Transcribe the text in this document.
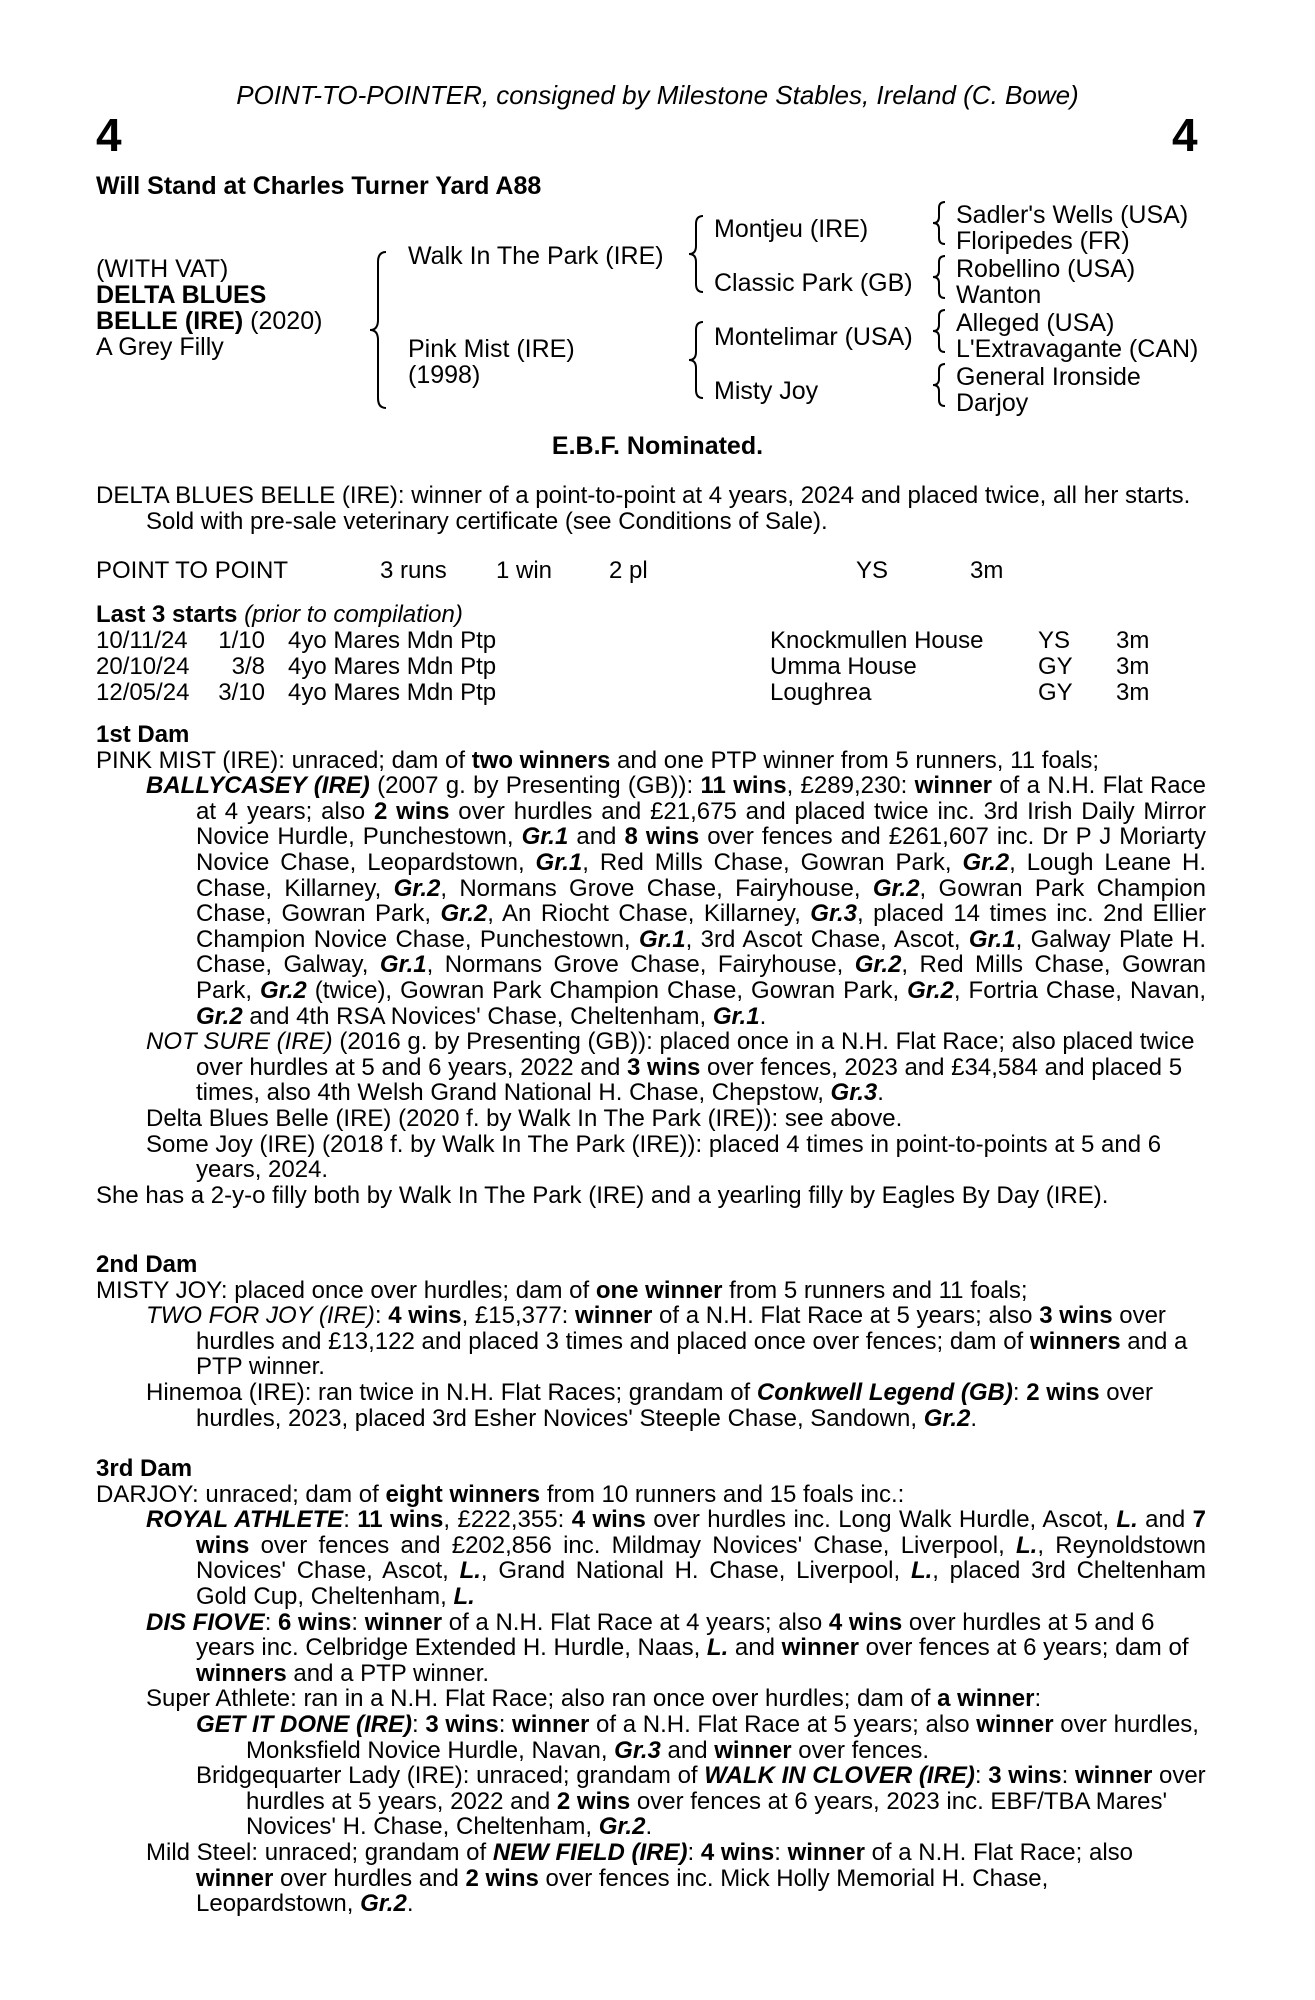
POINT-TO-POINTER, consigned by Milestone Stables, Ireland (C. Bowe)
4	4
Will Stand at Charles Turner Yard A88
(WITH VAT)
DELTA BLUES
BELLE (IRE) (2020)
A Grey Filly
Walk In The Park (IRE)
Pink Mist (IRE)
(1998)
Montjeu (IRE)
Classic Park (GB)
Montelimar (USA)
Misty Joy
Sadler's Wells (USA)
Floripedes (FR)
Robellino (USA)
Wanton
Alleged (USA)
L'Extravagante (CAN)
General Ironside
Darjoy
E.B.F. Nominated.

DELTA BLUES BELLE (IRE): winner of a point-to-point at 4 years, 2024 and placed twice, all her starts. Sold with pre-sale veterinary certificate (see Conditions of Sale).

POINT TO POINT	3 runs 1 win 2 pl	YS	3m
Last 3 starts (prior to compilation)
10/11/24	1/10 4yo Mares Mdn Ptp	Knockmullen House YS 3m
20/10/24	3/8 4yo Mares Mdn Ptp	Umma House	GY 3m
12/05/24	3/10 4yo Mares Mdn Ptp	Loughrea	GY 3m

1st Dam

PINK MIST (IRE): unraced; dam of two winners and one PTP winner from 5 runners, 11 foals;

BALLYCASEY (IRE) (2007 g. by Presenting (GB)): 11 wins, £289,230: winner of a N.H. Flat Race at 4 years; also 2 wins over hurdles and £21,675 and placed twice inc. 3rd Irish Daily Mirror Novice Hurdle, Punchestown, Gr.1 and 8 wins over fences and £261,607 inc. Dr P J Moriarty Novice Chase, Leopardstown, Gr.1, Red Mills Chase, Gowran Park, Gr.2, Lough Leane H. Chase, Killarney, Gr.2, Normans Grove Chase, Fairyhouse, Gr.2, Gowran Park Champion Chase, Gowran Park, Gr.2, An Riocht Chase, Killarney, Gr.3, placed 14 times inc. 2nd Ellier Champion Novice Chase, Punchestown, Gr.1, 3rd Ascot Chase, Ascot, Gr.1, Galway Plate H. Chase, Galway, Gr.1, Normans Grove Chase, Fairyhouse, Gr.2, Red Mills Chase, Gowran Park, Gr.2 (twice), Gowran Park Champion Chase, Gowran Park, Gr.2, Fortria Chase, Navan, Gr.2 and 4th RSA Novices' Chase, Cheltenham, Gr.1.

NOT SURE (IRE) (2016 g. by Presenting (GB)): placed once in a N.H. Flat Race; also placed twice over hurdles at 5 and 6 years, 2022 and 3 wins over fences, 2023 and £34,584 and placed 5 times, also 4th Welsh Grand National H. Chase, Chepstow, Gr.3.

Delta Blues Belle (IRE) (2020 f. by Walk In The Park (IRE)): see above.

Some Joy (IRE) (2018 f. by Walk In The Park (IRE)): placed 4 times in point-to-points at 5 and 6 years, 2024.

She has a 2-y-o filly both by Walk In The Park (IRE) and a yearling filly by Eagles By Day (IRE).

2nd Dam

MISTY JOY: placed once over hurdles; dam of one winner from 5 runners and 11 foals;

TWO FOR JOY (IRE): 4 wins, £15,377: winner of a N.H. Flat Race at 5 years; also 3 wins over hurdles and £13,122 and placed 3 times and placed once over fences; dam of winners and a PTP winner.

Hinemoa (IRE): ran twice in N.H. Flat Races; grandam of Conkwell Legend (GB): 2 wins over hurdles, 2023, placed 3rd Esher Novices' Steeple Chase, Sandown, Gr.2.

3rd Dam

DARJOY: unraced; dam of eight winners from 10 runners and 15 foals inc.:

ROYAL ATHLETE: 11 wins, £222,355: 4 wins over hurdles inc. Long Walk Hurdle, Ascot, L. and 7 wins over fences and £202,856 inc. Mildmay Novices' Chase, Liverpool, L., Reynoldstown Novices' Chase, Ascot, L., Grand National H. Chase, Liverpool, L., placed 3rd Cheltenham Gold Cup, Cheltenham, L.

DIS FIOVE: 6 wins: winner of a N.H. Flat Race at 4 years; also 4 wins over hurdles at 5 and 6 years inc. Celbridge Extended H. Hurdle, Naas, L. and winner over fences at 6 years; dam of winners and a PTP winner.

Super Athlete: ran in a N.H. Flat Race; also ran once over hurdles; dam of a winner:

GET IT DONE (IRE): 3 wins: winner of a N.H. Flat Race at 5 years; also winner over hurdles, Monksfield Novice Hurdle, Navan, Gr.3 and winner over fences.

Bridgequarter Lady (IRE): unraced; grandam of WALK IN CLOVER (IRE): 3 wins: winner over hurdles at 5 years, 2022 and 2 wins over fences at 6 years, 2023 inc. EBF/TBA Mares' Novices' H. Chase, Cheltenham, Gr.2.

Mild Steel: unraced; grandam of NEW FIELD (IRE): 4 wins: winner of a N.H. Flat Race; also winner over hurdles and 2 wins over fences inc. Mick Holly Memorial H. Chase, Leopardstown, Gr.2.
